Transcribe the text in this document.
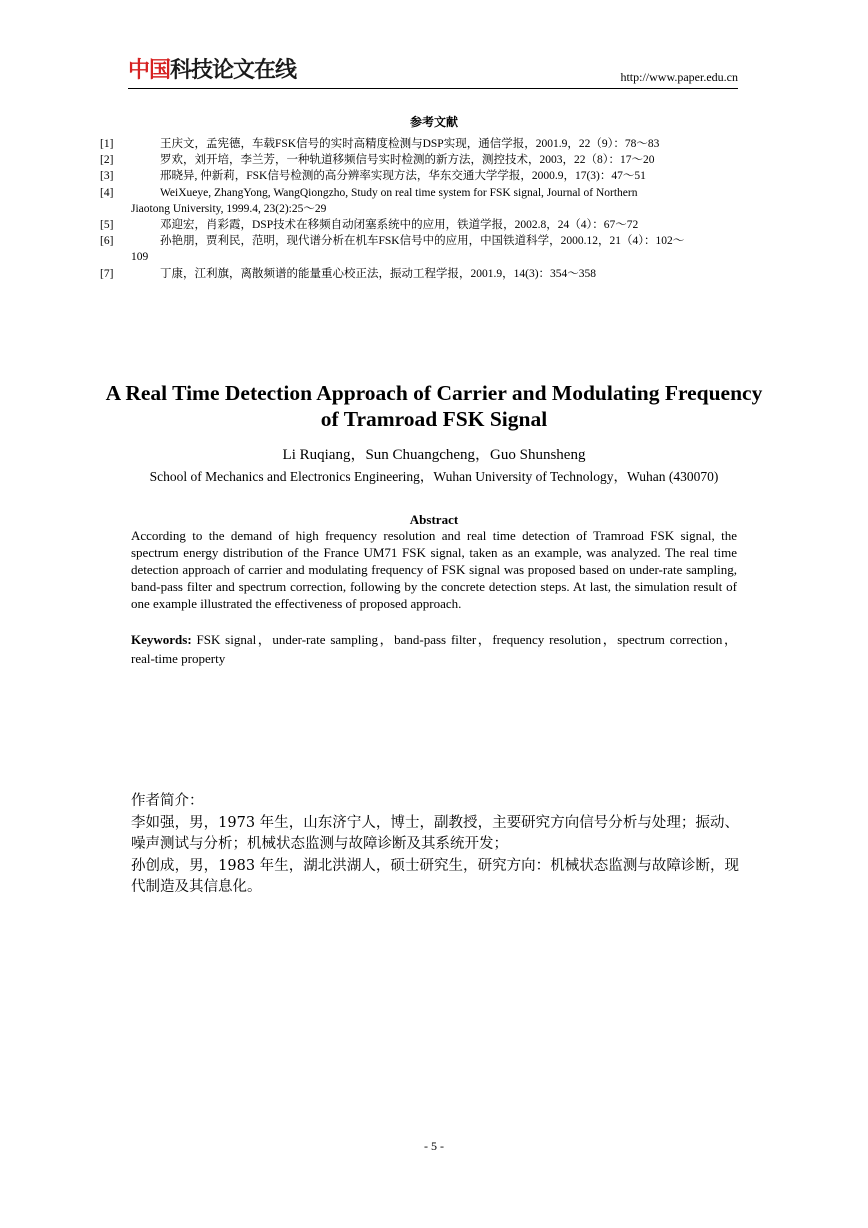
中国科技论文在线	http://www.paper.edu.cn
参考文献
[1]	王庆文，孟宪德，车载FSK信号的实时高精度检测与DSP实现，通信学报，2001.9，22（9）：78～83
[2]	罗欢，刘开培，李兰芳，一种轨道移频信号实时检测的新方法，测控技术，2003，22（8）：17～20
[3]	邢晓异, 仲新莉，FSK信号检测的高分辨率实现方法，华东交通大学学报，2000.9，17(3)：47～51
[4]	WeiXueye, ZhangYong, WangQiongzho, Study on real time system for FSK signal, Journal of Northern
Jiaotong University, 1999.4, 23(2):25～29
[5]	邓迎宏，肖彩霞，DSP技术在移频自动闭塞系统中的应用，铁道学报，2002.8，24（4）：67～72
[6]	孙艳朋，贾利民，范明，现代谱分析在机车FSK信号中的应用，中国铁道科学，2000.12，21（4）：102～
109
[7]	丁康，江利旗，离散频谱的能量重心校正法，振动工程学报，2001.9，14(3)：354～358
A Real Time Detection Approach of Carrier and Modulating Frequency of Tramroad FSK Signal
Li Ruqiang，Sun Chuangcheng，Guo Shunsheng
School of Mechanics and Electronics Engineering，Wuhan University of Technology，Wuhan (430070)
Abstract
According to the demand of high frequency resolution and real time detection of Tramroad FSK signal, the spectrum energy distribution of the France UM71 FSK signal, taken as an example, was analyzed. The real time detection approach of carrier and modulating frequency of FSK signal was proposed based on under-rate sampling, band-pass filter and spectrum correction, following by the concrete detection steps. At last, the simulation result of one example illustrated the effectiveness of proposed approach.
Keywords: FSK signal，under-rate sampling，band-pass filter，frequency resolution，spectrum correction，real-time property

作者简介：

李如强，男，1973 年生，山东济宁人，博士，副教授，主要研究方向信号分析与处理；振动、噪声测试与分析；机械状态监测与故障诊断及其系统开发；

孙创成，男，1983 年生，湖北洪湖人，硕士研究生，研究方向：机械状态监测与故障诊断，现代制造及其信息化。

- 5 -
